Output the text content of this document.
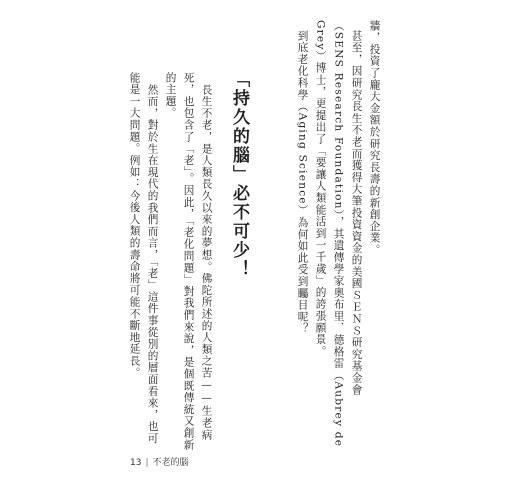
牆，投資了龐大金額於研究長壽的新創企業。
甚至，因研究長生不老而獲得大筆投資資金的美國ＳＥＮＳ研究基金會
（SENS Research Foundation），其遺傳學家奧布里．德格雷（Aubrey de
Grey）博士，更提出了「要讓人類能活到一千歲」的誇張願景。
到底老化科學（Aging Science）為何如此受到矚目呢？
「持久的腦」必不可少！
長生不老，是人類長久以來的夢想。佛陀所述的人類之苦——生老病
死，也包含了「老」。因此，「老化問題」對我們來說，是個既傳統又創新
的主題。
然而，對於生在現代的我們而言，「老」這件事從別的層面看來，也可
能是一大問題。例如：今後人類的壽命將可能不斷地延長。
13 | 不老的腦
